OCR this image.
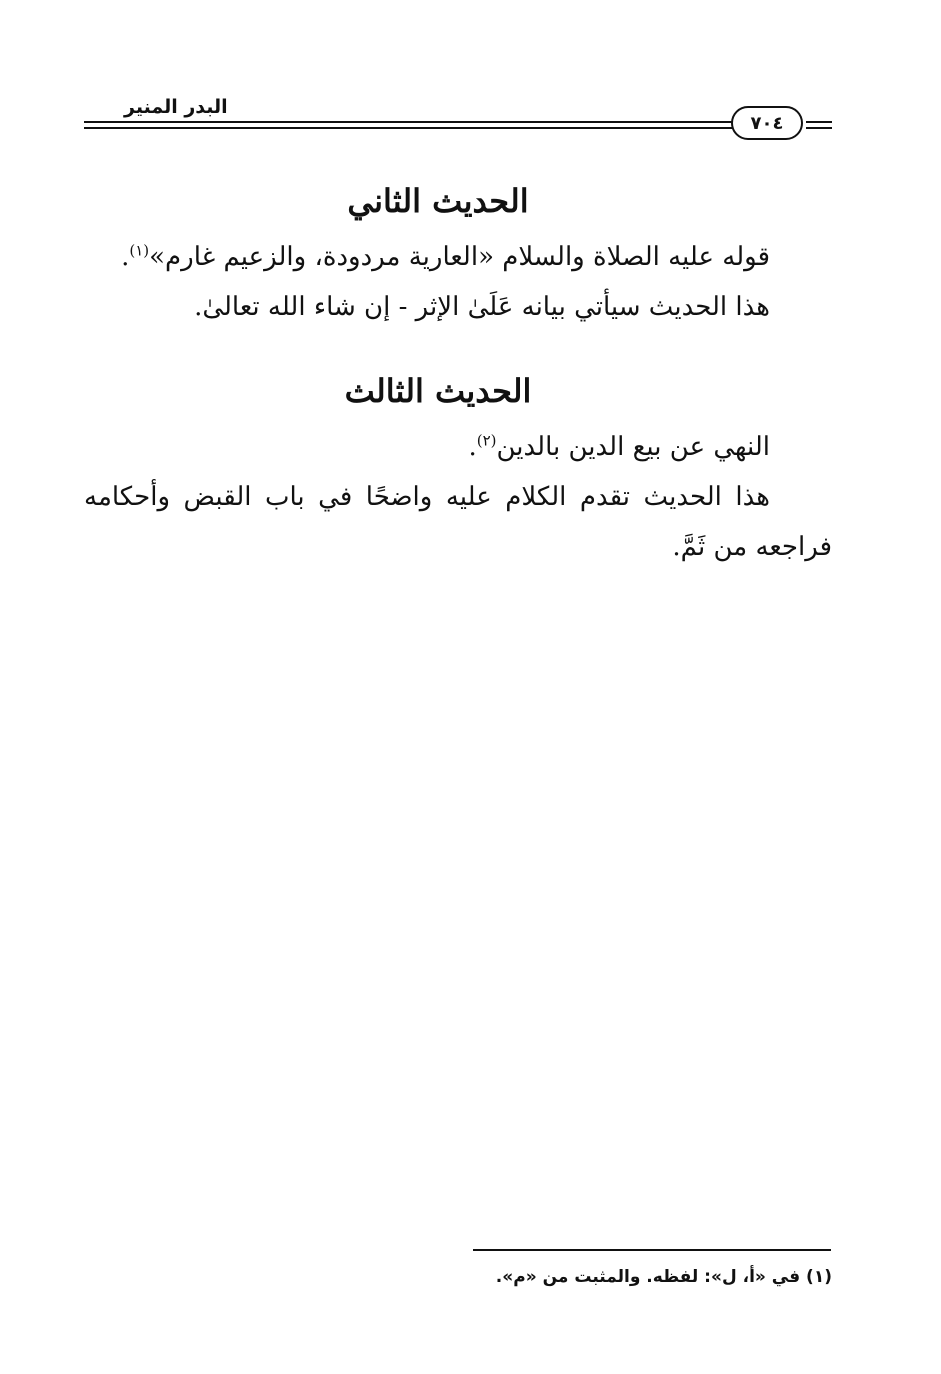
البدر المنير
٧٠٤
الحديث الثاني

قوله عليه الصلاة والسلام «العارية مردودة، والزعيم غارم»$^{(١)}$.

هذا الحديث سيأتي بيانه عَلَىٰ الإثر - إن شاء الله تعالىٰ.

الحديث الثالث

النهي عن بيع الدين بالدين$^{(٢)}$.

هذا الحديث تقدم الكلام عليه واضحًا في باب القبض وأحكامه فراجعه من ثَمَّ.

(١) في «أ، ل»: لفظه. والمثبت من «م».
